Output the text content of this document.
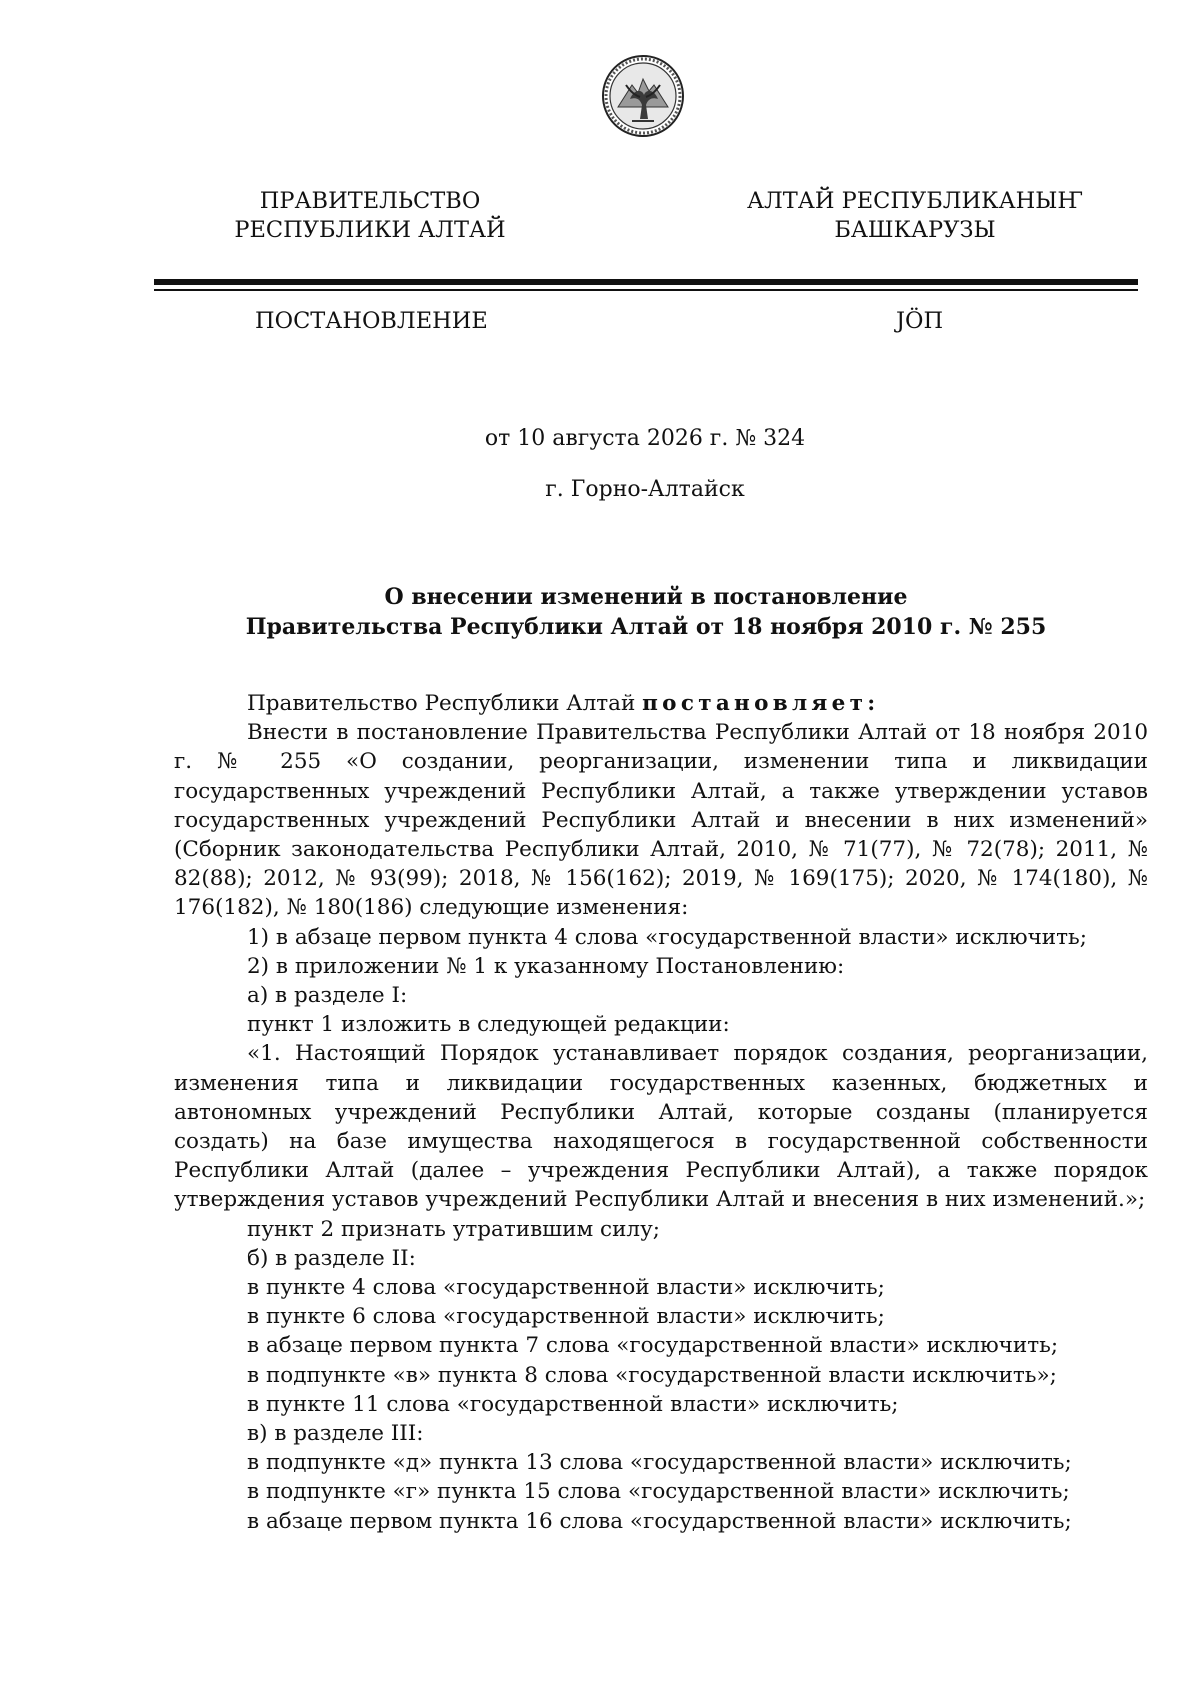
ПРАВИТЕЛЬСТВО
РЕСПУБЛИКИ АЛТАЙ
АЛТАЙ РЕСПУБЛИКАНЫҤ
БАШКАРУЗЫ
ПОСТАНОВЛЕНИЕ	JӦП
от 10 августа 2026 г. № 324
г. Горно-Алтайск
О внесении изменений в постановление
Правительства Республики Алтай от 18 ноября 2010 г. № 255

Правительство Республики Алтай постановляет:

Внести в постановление Правительства Республики Алтай от 18 ноября 2010 г. № 255 «О создании, реорганизации, изменении типа и ликвидации государственных учреждений Республики Алтай, а также утверждении уставов государственных учреждений Республики Алтай и внесении в них изменений» (Сборник законодательства Республики Алтай, 2010, № 71(77), № 72(78); 2011, № 82(88); 2012, № 93(99); 2018, № 156(162); 2019, № 169(175); 2020, № 174(180), № 176(182), № 180(186) следующие изменения:

1) в абзаце первом пункта 4 слова «государственной власти» исключить;

2) в приложении № 1 к указанному Постановлению:

а) в разделе I:

пункт 1 изложить в следующей редакции:

«1. Настоящий Порядок устанавливает порядок создания, реорганизации, изменения типа и ликвидации государственных казенных, бюджетных и автономных учреждений Республики Алтай, которые созданы (планируется создать) на базе имущества находящегося в государственной собственности Республики Алтай (далее – учреждения Республики Алтай), а также порядок утверждения уставов учреждений Республики Алтай и внесения в них изменений.»;

пункт 2 признать утратившим силу;

б) в разделе II:

в пункте 4 слова «государственной власти» исключить;

в пункте 6 слова «государственной власти» исключить;

в абзаце первом пункта 7 слова «государственной власти» исключить;

в подпункте «в» пункта 8 слова «государственной власти исключить»;

в пункте 11 слова «государственной власти» исключить;

в) в разделе III:

в подпункте «д» пункта 13 слова «государственной власти» исключить;

в подпункте «г» пункта 15 слова «государственной власти» исключить;

в абзаце первом пункта 16 слова «государственной власти» исключить;
